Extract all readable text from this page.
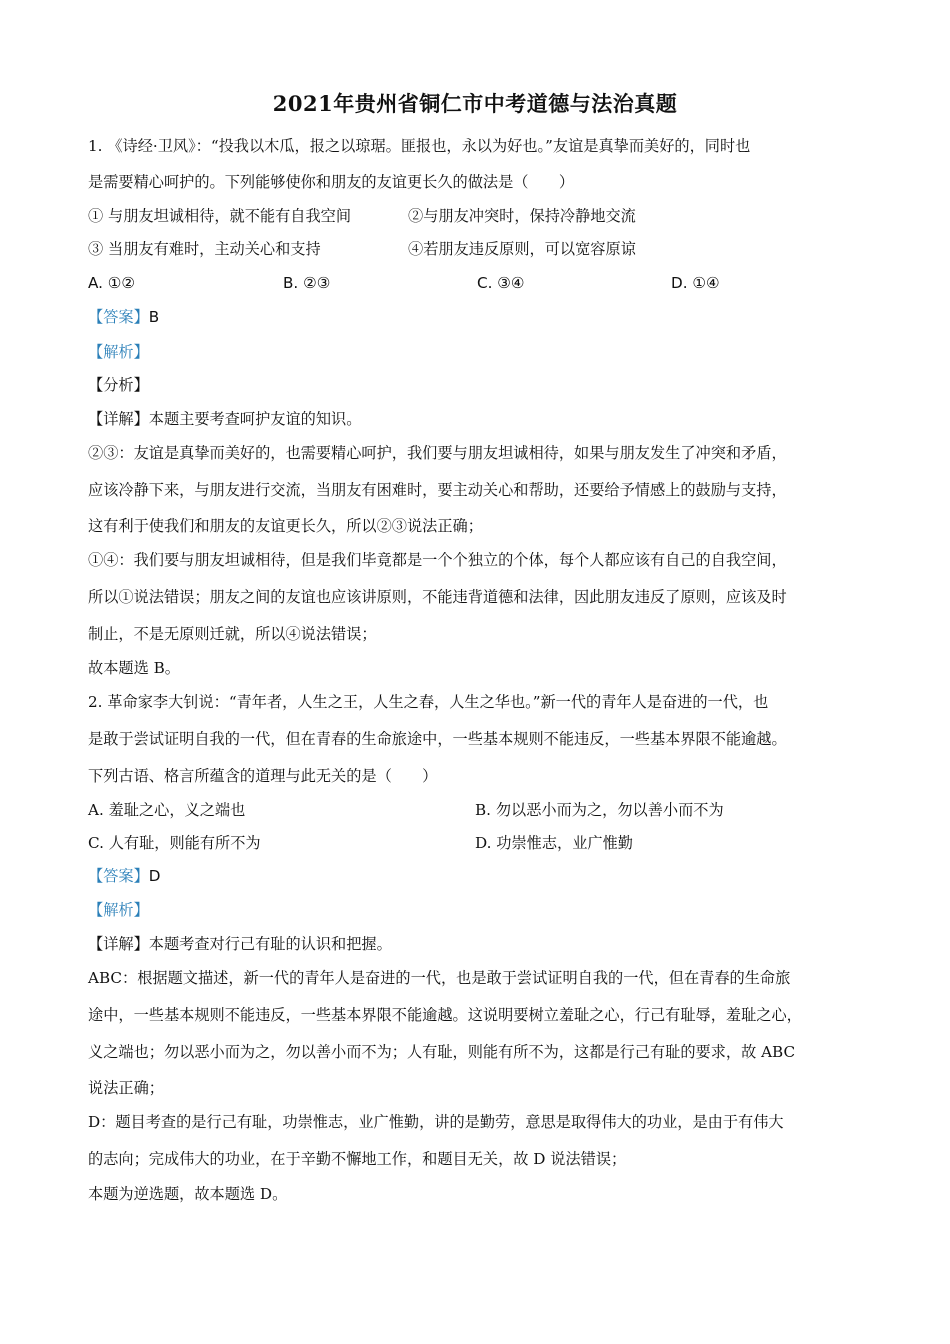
2021年贵州省铜仁市中考道德与法治真题
1. 《诗经·卫风》：“投我以木瓜，报之以琼琚。匪报也，永以为好也。”友谊是真挚而美好的，同时也
是需要精心呵护的。下列能够使你和朋友的友谊更长久的做法是（　　）
① 与朋友坦诚相待，就不能有自我空间	②与朋友冲突时，保持冷静地交流
③ 当朋友有难时，主动关心和支持	④若朋友违反原则，可以宽容原谅
A. ①②	B. ②③	C. ③④	D. ①④
【答案】B
【解析】
【分析】
【详解】本题主要考查呵护友谊的知识。
②③：友谊是真挚而美好的，也需要精心呵护，我们要与朋友坦诚相待，如果与朋友发生了冲突和矛盾，
应该冷静下来，与朋友进行交流，当朋友有困难时，要主动关心和帮助，还要给予情感上的鼓励与支持，
这有利于使我们和朋友的友谊更长久，所以②③说法正确；
①④：我们要与朋友坦诚相待，但是我们毕竟都是一个个独立的个体，每个人都应该有自己的自我空间，
所以①说法错误；朋友之间的友谊也应该讲原则，不能违背道德和法律，因此朋友违反了原则，应该及时
制止，不是无原则迁就，所以④说法错误；
故本题选 B。
2. 革命家李大钊说：“青年者，人生之王，人生之春，人生之华也。”新一代的青年人是奋进的一代，也
是敢于尝试证明自我的一代，但在青春的生命旅途中，一些基本规则不能违反，一些基本界限不能逾越。
下列古语、格言所蕴含的道理与此无关的是（　　）
A. 羞耻之心，义之端也	B. 勿以恶小而为之，勿以善小而不为
C. 人有耻，则能有所不为	D. 功崇惟志，业广惟勤
【答案】D
【解析】
【详解】本题考查对行己有耻的认识和把握。
ABC：根据题文描述，新一代的青年人是奋进的一代，也是敢于尝试证明自我的一代，但在青春的生命旅
途中，一些基本规则不能违反，一些基本界限不能逾越。这说明要树立羞耻之心，行己有耻辱，羞耻之心，
义之端也；勿以恶小而为之，勿以善小而不为；人有耻，则能有所不为，这都是行己有耻的要求，故 ABC
说法正确；
D：题目考查的是行己有耻，功崇惟志，业广惟勤，讲的是勤劳，意思是取得伟大的功业，是由于有伟大
的志向；完成伟大的功业，在于辛勤不懈地工作，和题目无关，故 D 说法错误；
本题为逆选题，故本题选 D。
